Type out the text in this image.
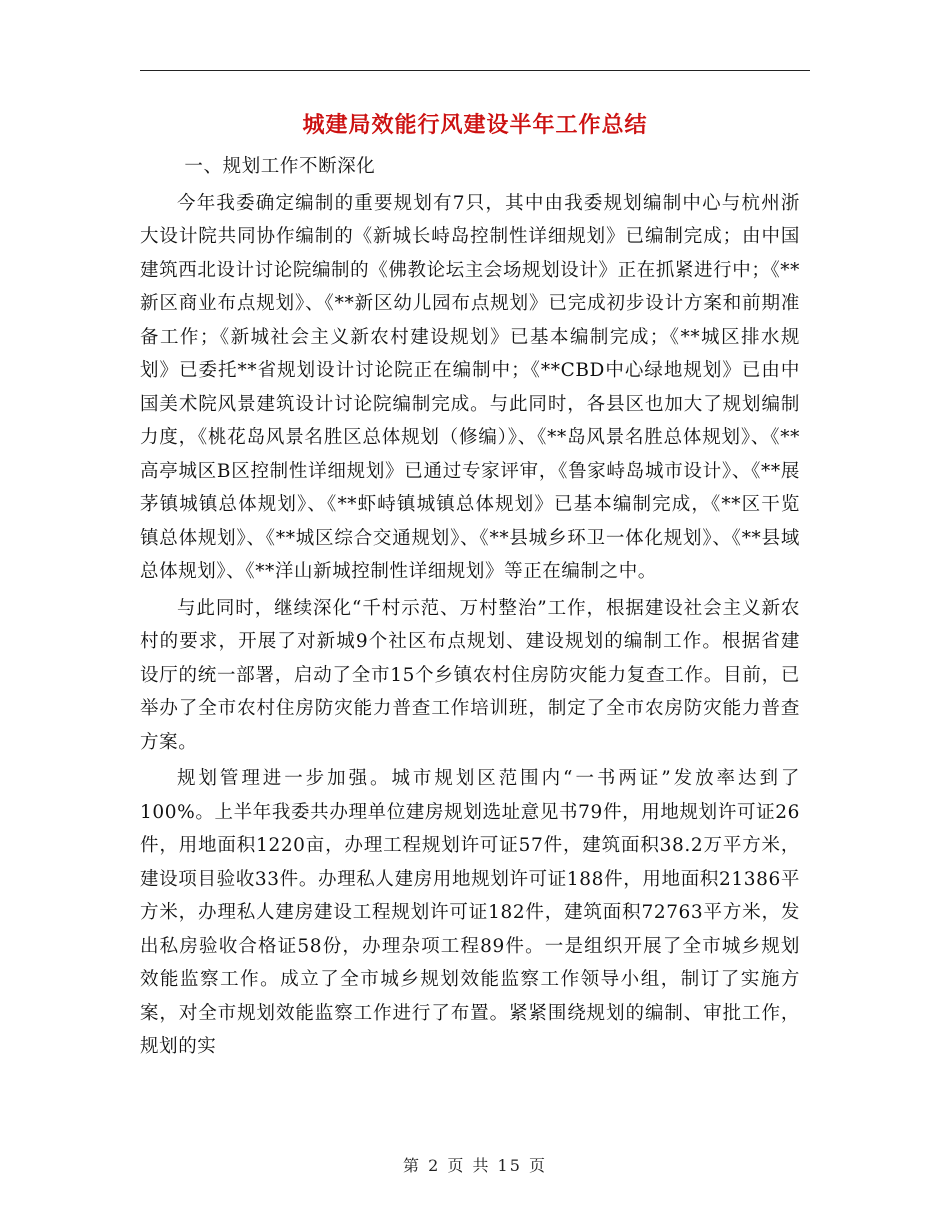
城建局效能行风建设半年工作总结

一、规划工作不断深化

今年我委确定编制的重要规划有7只，其中由我委规划编制中心与杭州浙大设计院共同协作编制的《新城长峙岛控制性详细规划》已编制完成；由中国建筑西北设计讨论院编制的《佛教论坛主会场规划设计》正在抓紧进行中；《**新区商业布点规划》、《**新区幼儿园布点规划》已完成初步设计方案和前期准备工作；《新城社会主义新农村建设规划》已基本编制完成；《**城区排水规划》已委托**省规划设计讨论院正在编制中；《**CBD中心绿地规划》已由中国美术院风景建筑设计讨论院编制完成。与此同时，各县区也加大了规划编制力度，《桃花岛风景名胜区总体规划（修编）》、《**岛风景名胜总体规划》、《**高亭城区B区控制性详细规划》已通过专家评审，《鲁家峙岛城市设计》、《**展茅镇城镇总体规划》、《**虾峙镇城镇总体规划》已基本编制完成，《**区干览镇总体规划》、《**城区综合交通规划》、《**县城乡环卫一体化规划》、《**县域总体规划》、《**洋山新城控制性详细规划》等正在编制之中。

与此同时，继续深化“千村示范、万村整治”工作，根据建设社会主义新农村的要求，开展了对新城9个社区布点规划、建设规划的编制工作。根据省建设厅的统一部署，启动了全市15个乡镇农村住房防灾能力复查工作。目前，已举办了全市农村住房防灾能力普查工作培训班，制定了全市农房防灾能力普查方案。

规划管理进一步加强。城市规划区范围内“一书两证”发放率达到了100%。上半年我委共办理单位建房规划选址意见书79件，用地规划许可证26件，用地面积1220亩，办理工程规划许可证57件，建筑面积38.2万平方米，建设项目验收33件。办理私人建房用地规划许可证188件，用地面积21386平方米，办理私人建房建设工程规划许可证182件，建筑面积72763平方米，发出私房验收合格证58份，办理杂项工程89件。一是组织开展了全市城乡规划效能监察工作。成立了全市城乡规划效能监察工作领导小组，制订了实施方案，对全市规划效能监察工作进行了布置。紧紧围绕规划的编制、审批工作，规划的实

第 2 页 共 15 页
